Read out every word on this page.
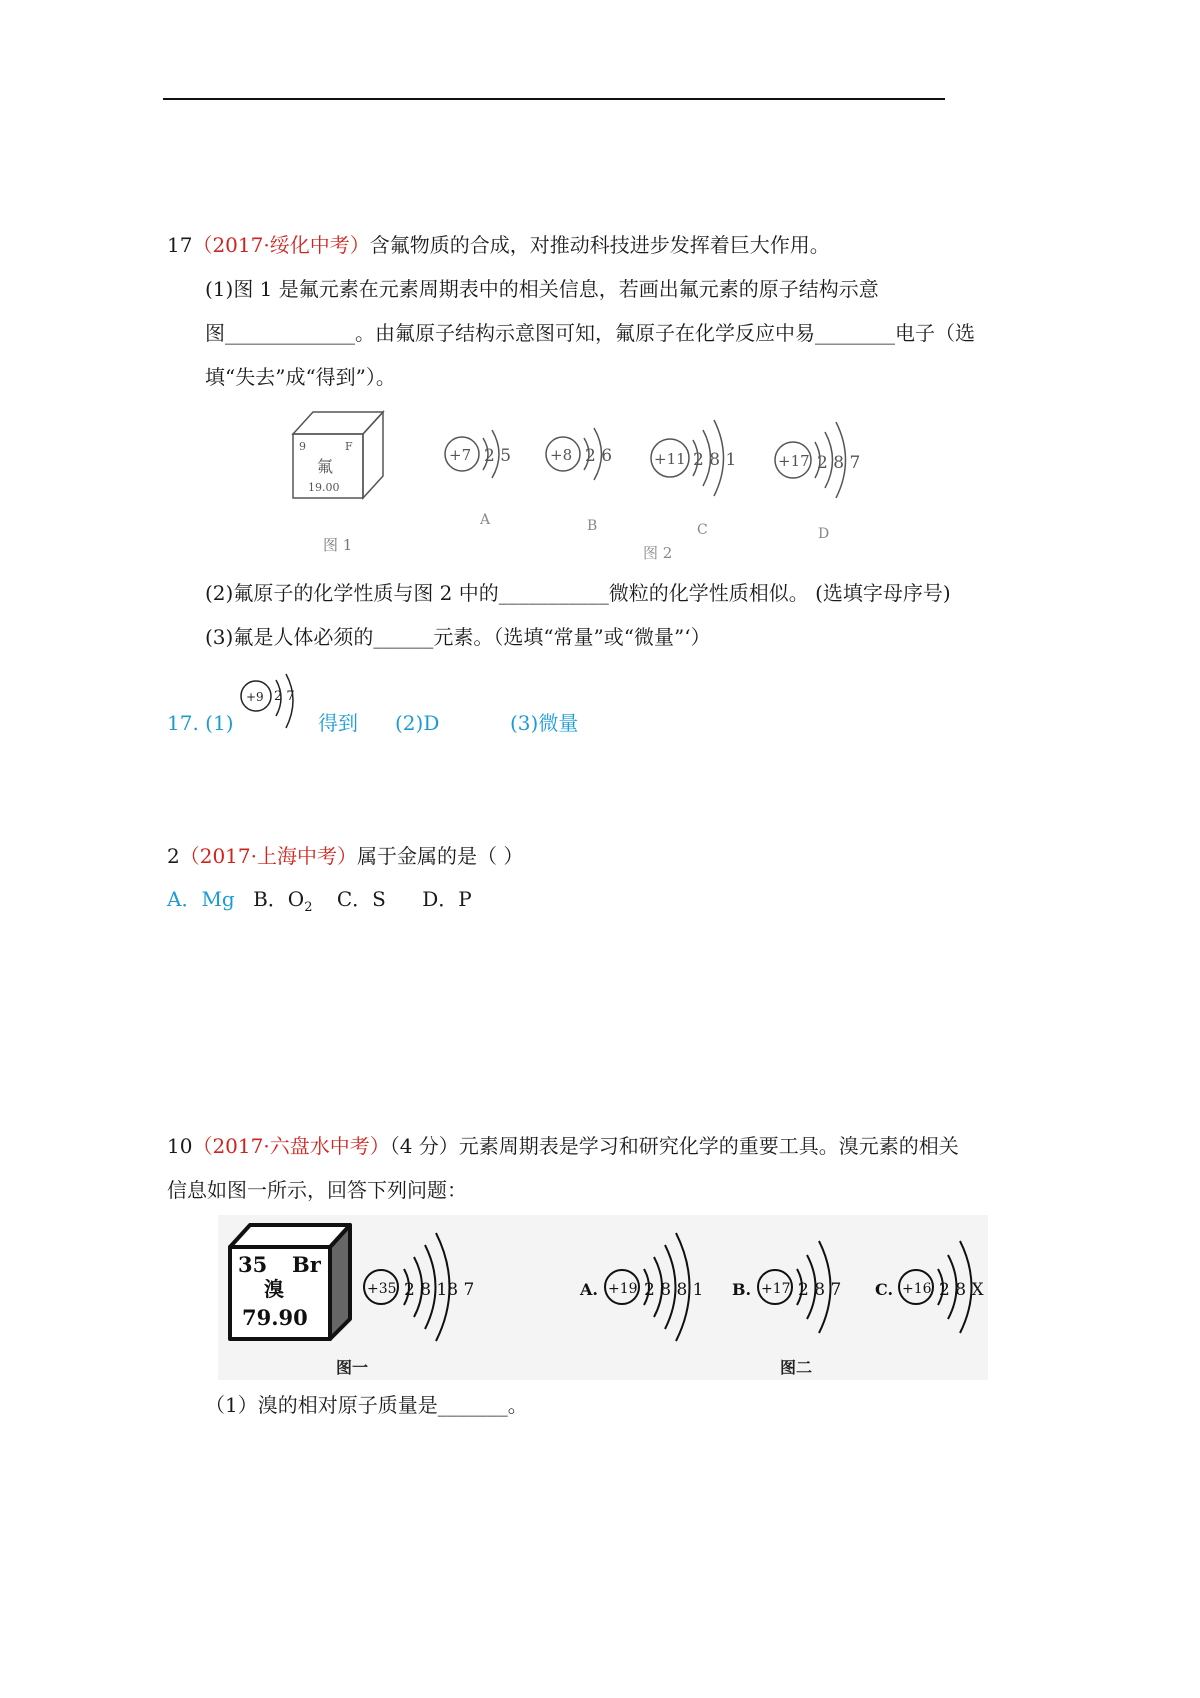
17（2017·绥化中考）含氟物质的合成，对推动科技进步发挥着巨大作用。
(1)图 1 是氟元素在元素周期表中的相关信息，若画出氟元素的原子结构示意
图_____________。由氟原子结构示意图可知，氟原子在化学反应中易________电子（选
填“失去”成“得到”）。
9	F
氟
19.00
图 1
+7 2 5
A
+8 2 6
B
+11 2 8 1
C
+17 2 8 7
D
图 2
(2)氟原子的化学性质与图 2 中的___________微粒的化学性质相似。 (选填字母序号)
(3)氟是人体必须的______元素。（选填“常量”或“微量”‘）
17. (1)
+9 2 7
得到 (2)D	(3)微量
2（2017·上海中考）属于金属的是（ ）
A．Mg B．$O_2$ C．S D．P
10（2017·六盘水中考）（4 分）元素周期表是学习和研究化学的重要工具。溴元素的相关
信息如图一所示，回答下列问题：
35 Br
溴
79.90
图一
+35 2 8 18 7	A. +19 2 8 8 1 B. +17 2 8 7 C. +16 2 8 X
图二
（1）溴的相对原子质量是_______。
